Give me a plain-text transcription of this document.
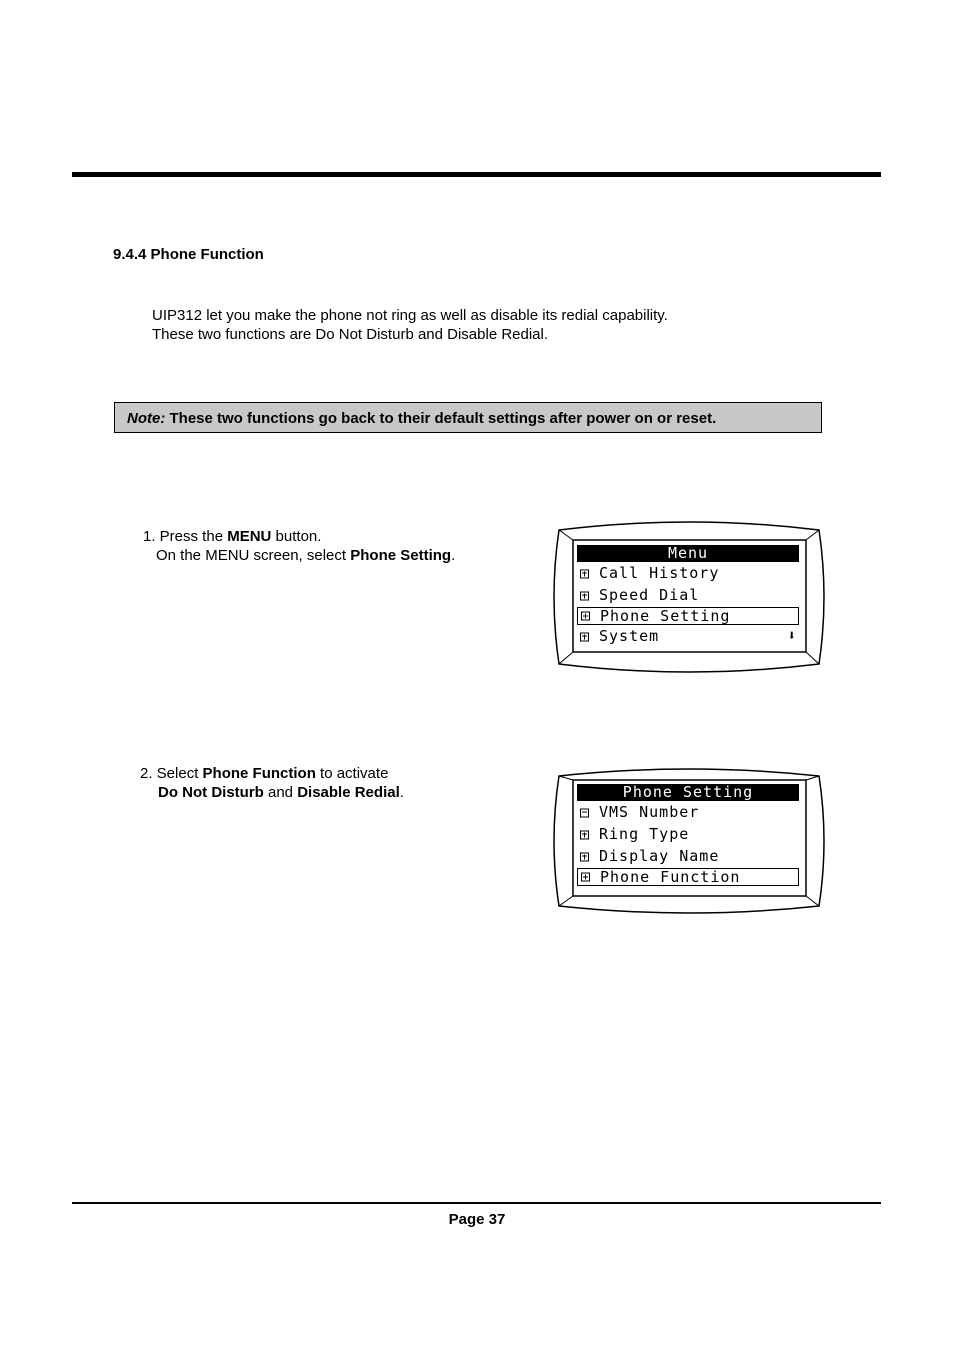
9.4.4 Phone Function
UIP312 let you make the phone not ring as well as disable its redial capability.
These two functions are Do Not Disturb and Disable Redial.
Note: These two functions go back to their default settings after power on or reset.
1. Press the MENU button.
On the MENU screen, select Phone Setting.
2. Select Phone Function to activate
Do Not Disturb and Disable Redial.
Menu
Call History
Speed Dial
Phone Setting
System	⬇
Phone Setting
VMS Number
Ring Type
Display Name
Phone Function
Page 37
